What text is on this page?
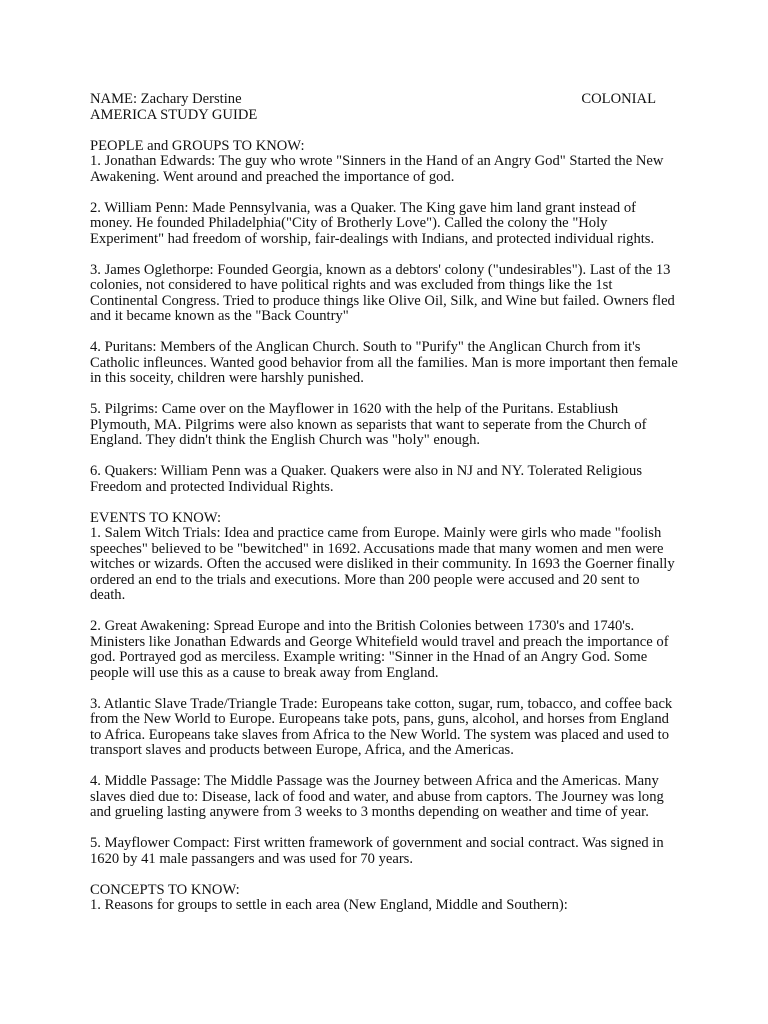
NAME: Zachary Derstine	COLONIAL
AMERICA STUDY GUIDE

PEOPLE and GROUPS TO KNOW:

1. Jonathan Edwards: The guy who wrote "Sinners in the Hand of an Angry God" Started the New Awakening. Went around and preached the importance of god.

2. William Penn: Made Pennsylvania, was a Quaker. The King gave him land grant instead of money. He founded Philadelphia("City of Brotherly Love"). Called the colony the "Holy Experiment" had freedom of worship, fair-dealings with Indians, and protected individual rights.

3. James Oglethorpe: Founded Georgia, known as a debtors' colony ("undesirables"). Last of the 13 colonies, not considered to have political rights and was excluded from things like the 1st Continental Congress. Tried to produce things like Olive Oil, Silk, and Wine but failed. Owners fled and it became known as the "Back Country"

4. Puritans: Members of the Anglican Church. South to "Purify" the Anglican Church from it's Catholic infleunces. Wanted good behavior from all the families. Man is more important then female in this soceity, children were harshly punished.

5. Pilgrims: Came over on the Mayflower in 1620 with the help of the Puritans. Establiush Plymouth, MA. Pilgrims were also known as separists that want to seperate from the Church of England. They didn't think the English Church was "holy" enough.

6. Quakers: William Penn was a Quaker. Quakers were also in NJ and NY. Tolerated Religious Freedom and protected Individual Rights.

EVENTS TO KNOW:

1. Salem Witch Trials: Idea and practice came from Europe. Mainly were girls who made "foolish speeches" believed to be "bewitched" in 1692. Accusations made that many women and men were witches or wizards. Often the accused were disliked in their community. In 1693 the Goerner finally ordered an end to the trials and executions. More than 200 people were accused and 20 sent to death.

2. Great Awakening: Spread Europe and into the British Colonies between 1730's and 1740's. Ministers like Jonathan Edwards and George Whitefield would travel and preach the importance of god. Portrayed god as merciless. Example writing: "Sinner in the Hnad of an Angry God. Some people will use this as a cause to break away from England.

3. Atlantic Slave Trade/Triangle Trade: Europeans take cotton, sugar, rum, tobacco, and coffee back from the New World to Europe. Europeans take pots, pans, guns, alcohol, and horses from England to Africa. Europeans take slaves from Africa to the New World. The system was placed and used to transport slaves and products between Europe, Africa, and the Americas.

4. Middle Passage: The Middle Passage was the Journey between Africa and the Americas. Many slaves died due to: Disease, lack of food and water, and abuse from captors. The Journey was long and grueling lasting anywere from 3 weeks to 3 months depending on weather and time of year.

5. Mayflower Compact: First written framework of government and social contract. Was signed in 1620 by 41 male passangers and was used for 70 years.

CONCEPTS TO KNOW:

1. Reasons for groups to settle in each area (New England, Middle and Southern):
